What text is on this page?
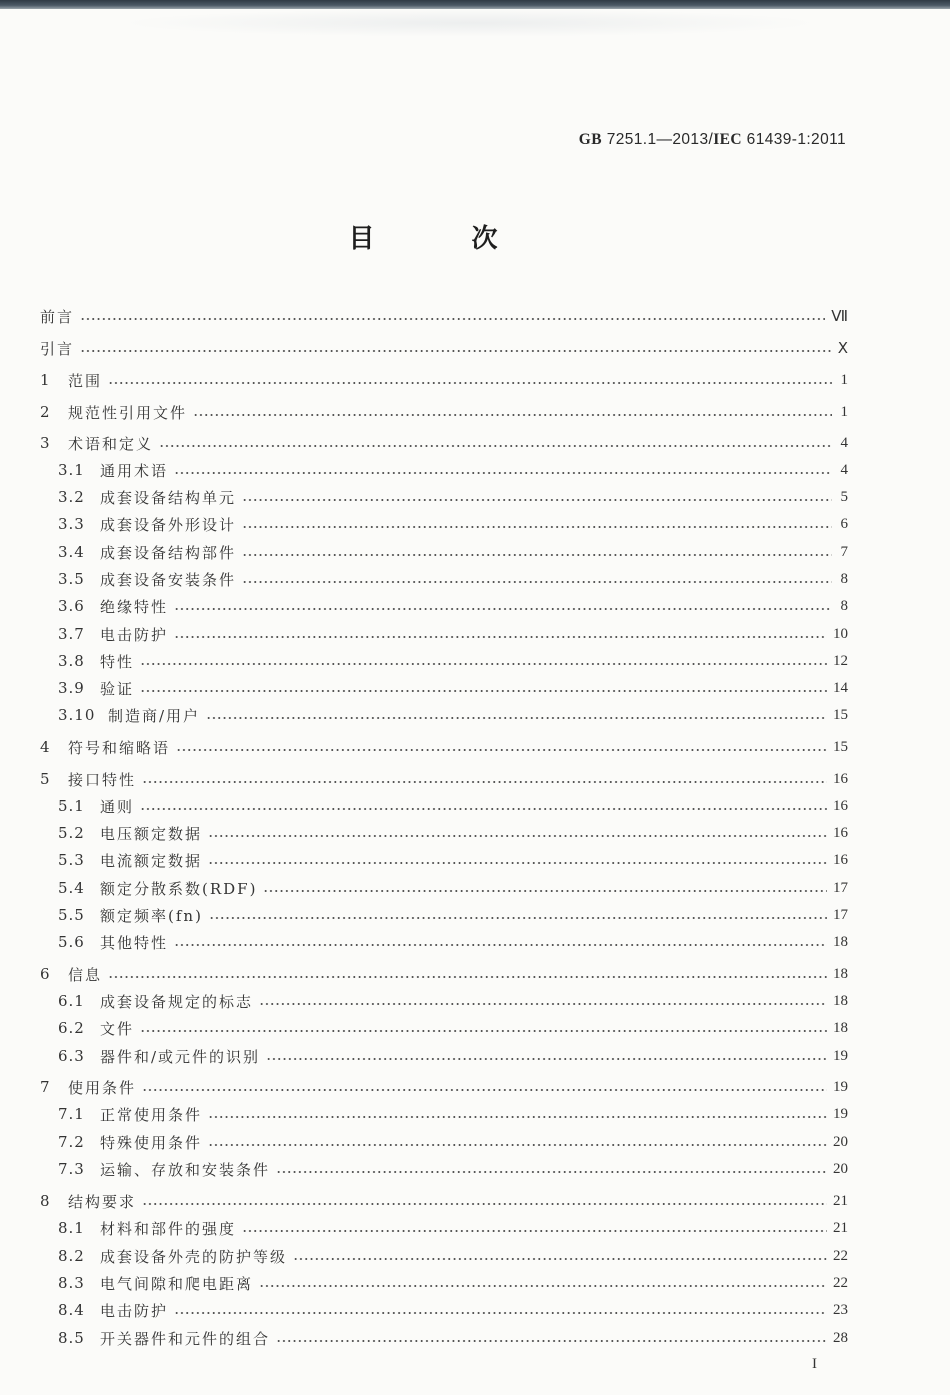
GB 7251.1—2013/IEC 61439-1:2011
目 次
前言	Ⅶ
引言	Ⅹ
1	范围	1
2	规范性引用文件	1
3	术语和定义	4
3.1	通用术语	4
3.2	成套设备结构单元	5
3.3	成套设备外形设计	6
3.4	成套设备结构部件	7
3.5	成套设备安装条件	8
3.6	绝缘特性	8
3.7	电击防护	10
3.8	特性	12
3.9	验证	14
3.10 制造商/用户	15
4	符号和缩略语	15
5	接口特性	16
5.1	通则	16
5.2	电压额定数据	16
5.3	电流额定数据	16
5.4	额定分散系数(RDF)	17
5.5	额定频率(fn)	17
5.6	其他特性	18
6	信息	18
6.1	成套设备规定的标志	18
6.2	文件	18
6.3	器件和/或元件的识别	19
7	使用条件	19
7.1	正常使用条件	19
7.2	特殊使用条件	20
7.3	运输、存放和安装条件	20
8	结构要求	21
8.1	材料和部件的强度	21
8.2	成套设备外壳的防护等级	22
8.3	电气间隙和爬电距离	22
8.4	电击防护	23
8.5	开关器件和元件的组合	28
I
